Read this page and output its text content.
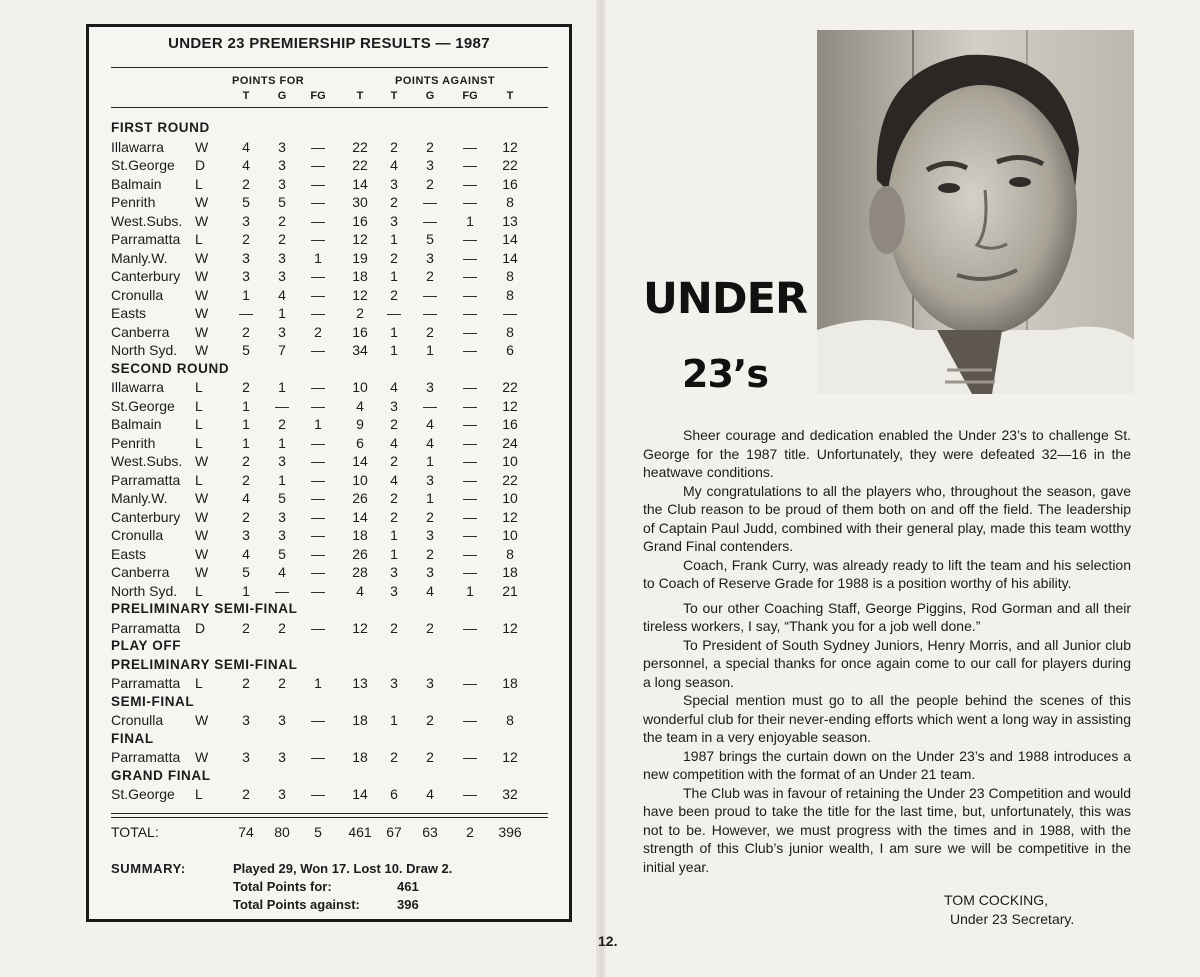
UNDER 23 PREMIERSHIP RESULTS — 1987
POINTS FOR	POINTS AGAINST
T	G	FG	T	T	G	FG	T
FIRST ROUND
Illawarra W	4	3	—	22	2	2	—	12
St.George D	4	3	—	22	4	3	—	22
Balmain L	2	3	—	14	3	2	—	16
Penrith	W	5	5	—	30	2	—	—	8
West.Subs. W	3	2	—	16	3	—	1	13
Parramatta L	2	2	—	12	1	5	—	14
Manly.W. W	3	3	1	19	2	3	—	14
Canterbury W	3	3	—	18	1	2	—	8
Cronulla W	1	4	—	12	2	—	—	8
Easts	W	—	1	—	2	—	—	—	—
Canberra W	2	3	2	16	1	2	—	8
North Syd. W	5	7	—	34	1	1	—	6
SECOND ROUND
Illawarra L	2	1	—	10	4	3	—	22
St.George L	1	—	—	4	3	—	—	12
Balmain L	1	2	1	9	2	4	—	16
Penrith	L	1	1	—	6	4	4	—	24
West.Subs. W	2	3	—	14	2	1	—	10
Parramatta L	2	1	—	10	4	3	—	22
Manly.W. W	4	5	—	26	2	1	—	10
Canterbury W	2	3	—	14	2	2	—	12
Cronulla W	3	3	—	18	1	3	—	10
Easts	W	4	5	—	26	1	2	—	8
Canberra W	5	4	—	28	3	3	—	18
North Syd. L	1	—	—	4	3	4	1	21
PRELIMINARY SEMI-FINAL
Parramatta D	2	2	—	12	2	2	—	12
PLAY OFF
PRELIMINARY SEMI-FINAL
Parramatta L	2	2	1	13	3	3	—	18
SEMI-FINAL
Cronulla W	3	3	—	18	1	2	—	8
FINAL
Parramatta W	3	3	—	18	2	2	—	12
GRAND FINAL
St.George L	2	3	—	14	6	4	—	32
TOTAL:	74	80	5	461	67	63	2	396
SUMMARY:	Played 29, Won 17. Lost 10. Draw 2.
Total Points for:	461
Total Points against:	396
UNDER
23’s

Sheer courage and dedication enabled the Under 23’s to challenge St. George for the 1987 title. Unfortunately, they were defeated 32—16 in the heatwave conditions.

My congratulations to all the players who, throughout the season, gave the Club reason to be proud of them both on and off the field. The leadership of Captain Paul Judd, combined with their general play, made this team wotthy Grand Final contenders.

Coach, Frank Curry, was already ready to lift the team and his selection to Coach of Reserve Grade for 1988 is a position worthy of his ability.

To our other Coaching Staff, George Piggins, Rod Gorman and all their tireless workers, I say, “Thank you for a job well done.”

To President of South Sydney Juniors, Henry Morris, and all Junior club personnel, a special thanks for once again come to our call for players during a long season.

Special mention must go to all the people behind the scenes of this wonderful club for their never-ending efforts which went a long way in assisting the team in a very enjoyable season.

1987 brings the curtain down on the Under 23’s and 1988 introduces a new competition with the format of an Under 21 team.

The Club was in favour of retaining the Under 23 Competition and would have been proud to take the title for the last time, but, unfortunately, this was not to be. However, we must progress with the times and in 1988, with the strength of this Club’s junior wealth, I am sure we will be competitive in the initial year.

TOM COCKING,
Under 23 Secretary.
12.
